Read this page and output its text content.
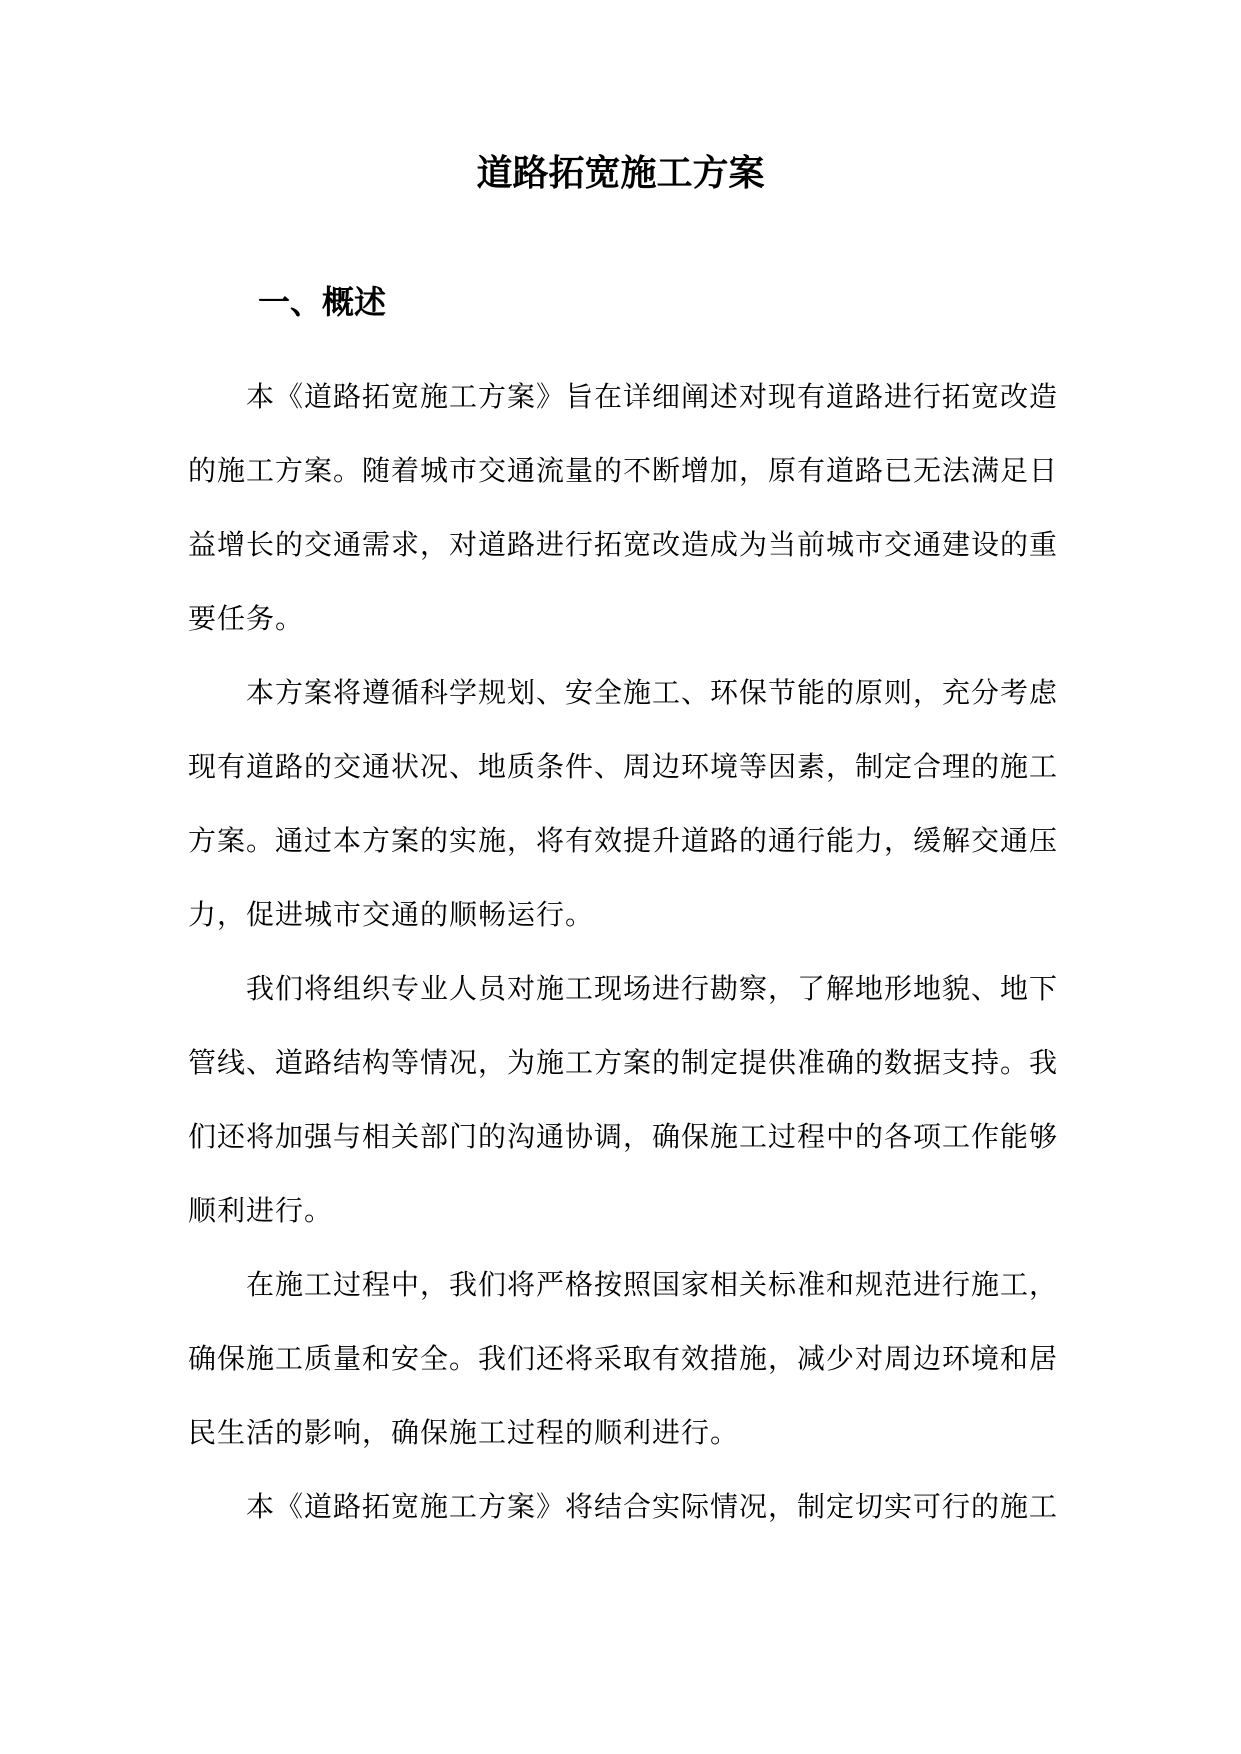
道路拓宽施工方案
一、概述

本《道路拓宽施工方案》旨在详细阐述对现有道路进行拓宽改造的施工方案。随着城市交通流量的不断增加，原有道路已无法满足日益增长的交通需求，对道路进行拓宽改造成为当前城市交通建设的重要任务。

本方案将遵循科学规划、安全施工、环保节能的原则，充分考虑现有道路的交通状况、地质条件、周边环境等因素，制定合理的施工方案。通过本方案的实施，将有效提升道路的通行能力，缓解交通压力，促进城市交通的顺畅运行。

我们将组织专业人员对施工现场进行勘察，了解地形地貌、地下管线、道路结构等情况，为施工方案的制定提供准确的数据支持。我们还将加强与相关部门的沟通协调，确保施工过程中的各项工作能够顺利进行。

在施工过程中，我们将严格按照国家相关标准和规范进行施工，确保施工质量和安全。我们还将采取有效措施，减少对周边环境和居民生活的影响，确保施工过程的顺利进行。

本《道路拓宽施工方案》将结合实际情况，制定切实可行的施工
